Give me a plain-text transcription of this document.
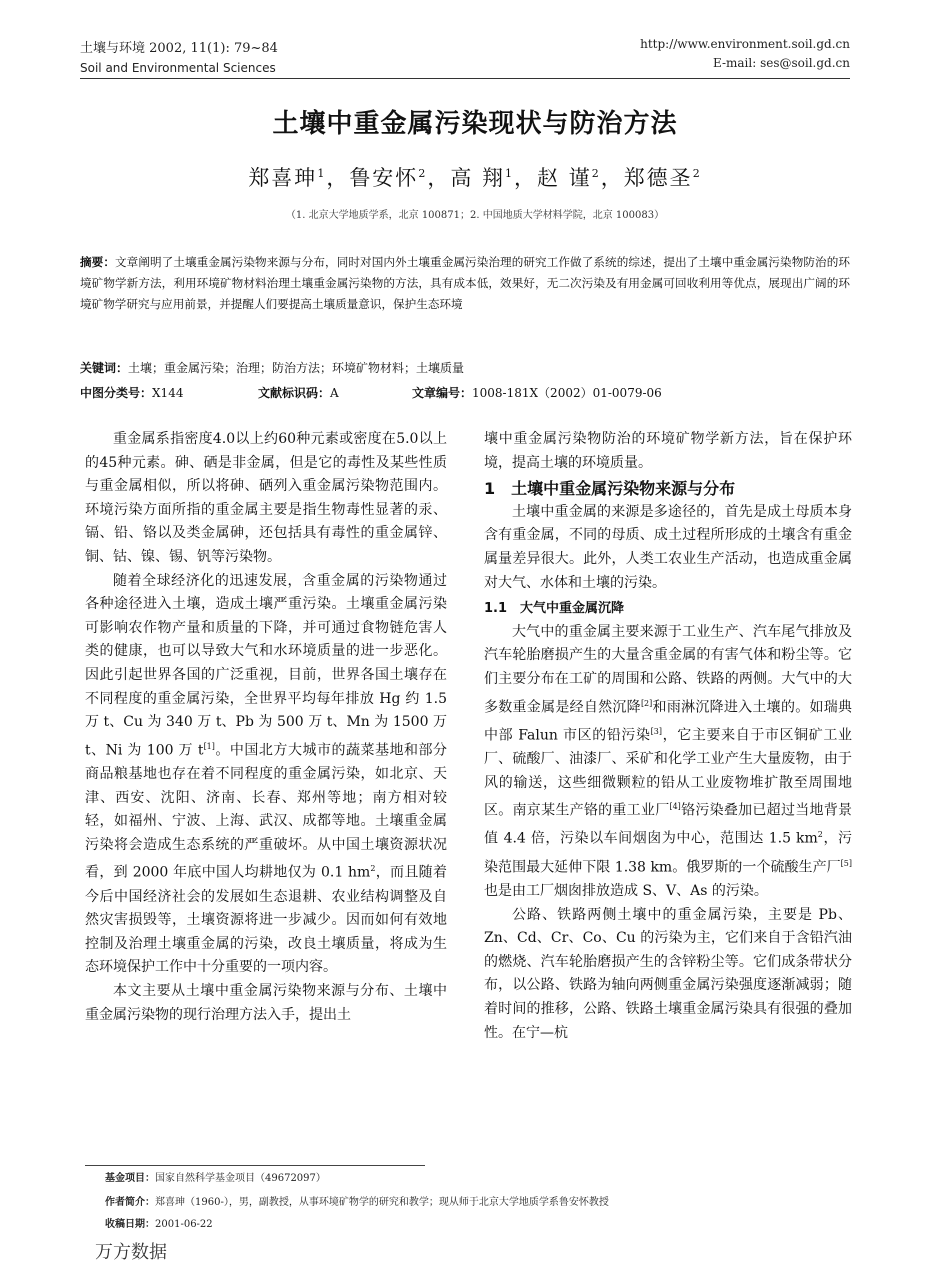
土壤与环境 2002, 11(1): 79~84
Soil and Environmental Sciences
http://www.environment.soil.gd.cn
E-mail: ses@soil.gd.cn
土壤中重金属污染现状与防治方法
郑喜珅$^1$，鲁安怀$^2$，高 翔$^1$，赵 谨$^2$，郑德圣$^2$
（1. 北京大学地质学系，北京 100871；2. 中国地质大学材料学院，北京 100083）
摘要：文章阐明了土壤重金属污染物来源与分布，同时对国内外土壤重金属污染治理的研究工作做了系统的综述，提出了土壤中重金属污染物防治的环境矿物学新方法，利用环境矿物材料治理土壤重金属污染物的方法，具有成本低，效果好，无二次污染及有用金属可回收利用等优点，展现出广阔的环境矿物学研究与应用前景，并提醒人们要提高土壤质量意识，保护生态环境
关键词：土壤；重金属污染；治理；防治方法；环境矿物材料；土壤质量
中图分类号：X144	文献标识码：A	文章编号：1008-181X（2002）01-0079-06

重金属系指密度4.0以上约60种元素或密度在5.0以上的45种元素。砷、硒是非金属，但是它的毒性及某些性质与重金属相似，所以将砷、硒列入重金属污染物范围内。环境污染方面所指的重金属主要是指生物毒性显著的汞、镉、铅、铬以及类金属砷，还包括具有毒性的重金属锌、铜、钴、镍、锡、钒等污染物。

随着全球经济化的迅速发展，含重金属的污染物通过各种途径进入土壤，造成土壤严重污染。土壤重金属污染可影响农作物产量和质量的下降，并可通过食物链危害人类的健康，也可以导致大气和水环境质量的进一步恶化。因此引起世界各国的广泛重视，目前，世界各国土壤存在不同程度的重金属污染，全世界平均每年排放 Hg 约 1.5 万 t、Cu 为 340 万 t、Pb 为 500 万 t、Mn 为 1500 万 t、Ni 为 100 万 t[1]。中国北方大城市的蔬菜基地和部分商品粮基地也存在着不同程度的重金属污染，如北京、天津、西安、沈阳、济南、长春、郑州等地；南方相对较轻，如福州、宁波、上海、武汉、成都等地。土壤重金属污染将会造成生态系统的严重破坏。从中国土壤资源状况看，到 2000 年底中国人均耕地仅为 0.1 $hm^2$，而且随着今后中国经济社会的发展如生态退耕、农业结构调整及自然灾害损毁等，土壤资源将进一步减少。因而如何有效地控制及治理土壤重金属的污染，改良土壤质量，将成为生态环境保护工作中十分重要的一项内容。

本文主要从土壤中重金属污染物来源与分布、土壤中重金属污染物的现行治理方法入手，提出土

壤中重金属污染物防治的环境矿物学新方法，旨在保护环境，提高土壤的环境质量。

1　土壤中重金属污染物来源与分布

土壤中重金属的来源是多途径的，首先是成土母质本身含有重金属，不同的母质、成土过程所形成的土壤含有重金属量差异很大。此外，人类工农业生产活动，也造成重金属对大气、水体和土壤的污染。

1.1　大气中重金属沉降

大气中的重金属主要来源于工业生产、汽车尾气排放及汽车轮胎磨损产生的大量含重金属的有害气体和粉尘等。它们主要分布在工矿的周围和公路、铁路的两侧。大气中的大多数重金属是经自然沉降[2]和雨淋沉降进入土壤的。如瑞典中部 Falun 市区的铅污染[3]，它主要来自于市区铜矿工业厂、硫酸厂、油漆厂、采矿和化学工业产生大量废物，由于风的输送，这些细微颗粒的铅从工业废物堆扩散至周围地区。南京某生产铬的重工业厂[4]铬污染叠加已超过当地背景值 4.4 倍，污染以车间烟囱为中心，范围达 1.5 $km^2$，污染范围最大延伸下限 1.38 km。俄罗斯的一个硫酸生产厂[5]也是由工厂烟囱排放造成 S、V、As 的污染。

公路、铁路两侧土壤中的重金属污染，主要是 Pb、Zn、Cd、Cr、Co、Cu 的污染为主，它们来自于含铅汽油的燃烧、汽车轮胎磨损产生的含锌粉尘等。它们成条带状分布，以公路、铁路为轴向两侧重金属污染强度逐渐减弱；随着时间的推移，公路、铁路土壤重金属污染具有很强的叠加性。在宁—杭

基金项目：国家自然科学基金项目（49672097）
作者简介：郑喜珅（1960-），男，副教授，从事环境矿物学的研究和教学；现从师于北京大学地质学系鲁安怀教授
收稿日期：2001-06-22
万方数据
